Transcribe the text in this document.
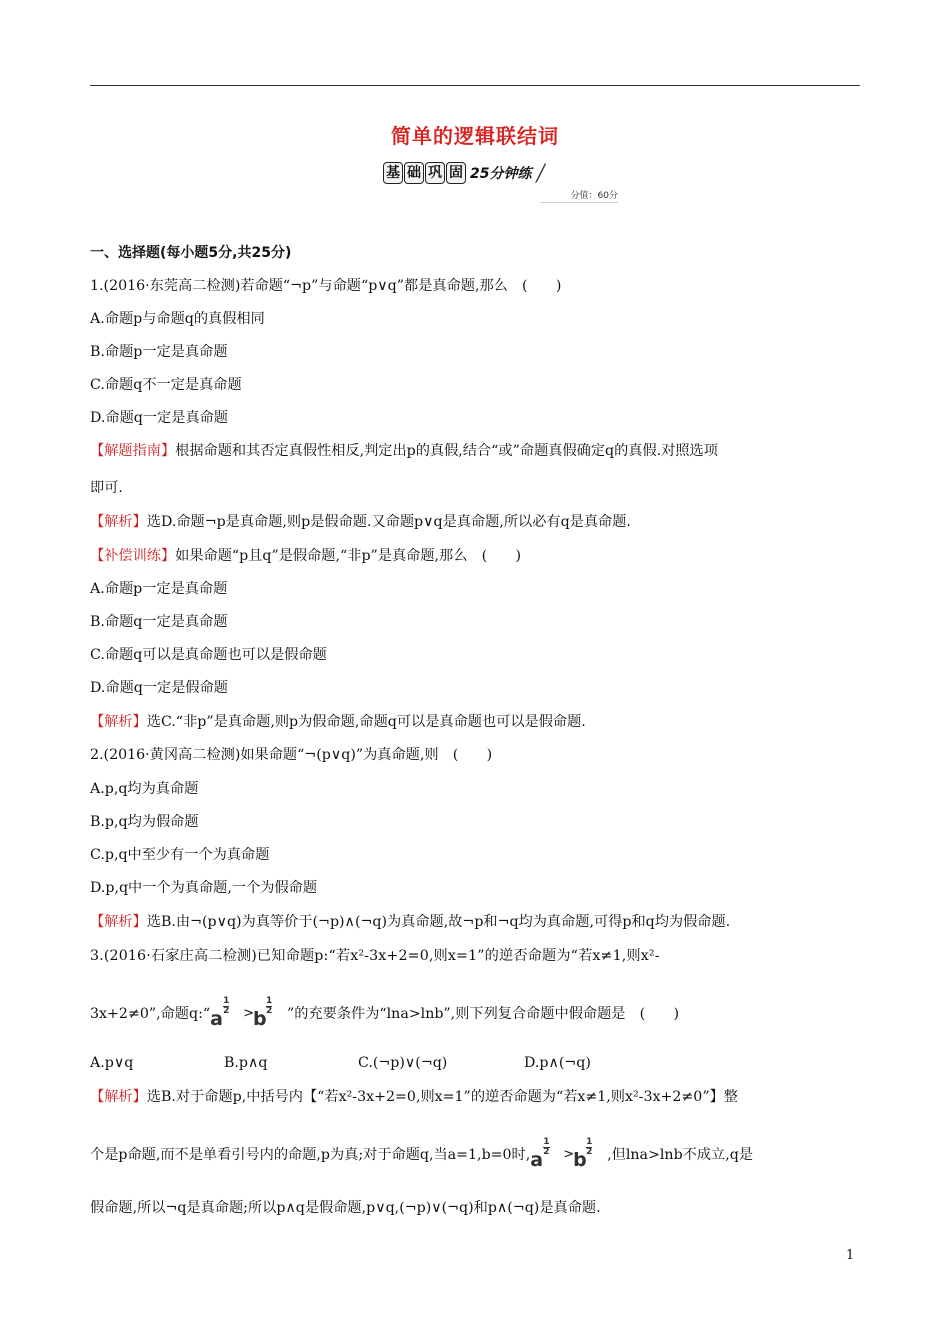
简单的逻辑联结词
基 础 巩 固 25分钟练
分值：60分
一、选择题(每小题5分,共25分)
1.(2016·东莞高二检测)若命题“¬p”与命题“p∨q”都是真命题,那么　(　　)
A.命题p与命题q的真假相同
B.命题p一定是真命题
C.命题q不一定是真命题
D.命题q一定是真命题
【解题指南】根据命题和其否定真假性相反,判定出p的真假,结合“或”命题真假确定q的真假.对照选项
即可.
【解析】选D.命题¬p是真命题,则p是假命题.又命题p∨q是真命题,所以必有q是真命题.
【补偿训练】如果命题“p且q”是假命题,“非p”是真命题,那么　(　　)
A.命题p一定是真命题
B.命题q一定是真命题
C.命题q可以是真命题也可以是假命题
D.命题q一定是假命题
【解析】选C.“非p”是真命题,则p为假命题,命题q可以是真命题也可以是假命题.
2.(2016·黄冈高二检测)如果命题“¬(p∨q)”为真命题,则　(　　)
A.p,q均为真命题
B.p,q均为假命题
C.p,q中至少有一个为真命题
D.p,q中一个为真命题,一个为假命题
【解析】选B.由¬(p∨q)为真等价于(¬p)∧(¬q)为真命题,故¬p和¬q均为真命题,可得p和q均为假命题.
3.(2016·石家庄高二检测)已知命题p:“若x²-3x+2=0,则x=1”的逆否命题为“若x≠1,则x²-
3x+2≠0”,命题q:“ a
1
2 > b
1
2 ”的充要条件为“lna>lnb”,则下列复合命题中假命题是　(　　)
A.p∨q	B.p∧q	C.(¬p)∨(¬q)	D.p∧(¬q)
【解析】选B.对于命题p,中括号内【“若x²-3x+2=0,则x=1”的逆否命题为“若x≠1,则x²-3x+2≠0”】整
个是p命题,而不是单看引号内的命题,p为真;对于命题q,当a=1,b=0时, a
1
2 > b
1
2 ,但lna>lnb不成立,q是
假命题,所以¬q是真命题;所以p∧q是假命题,p∨q,(¬p)∨(¬q)和p∧(¬q)是真命题.
1
